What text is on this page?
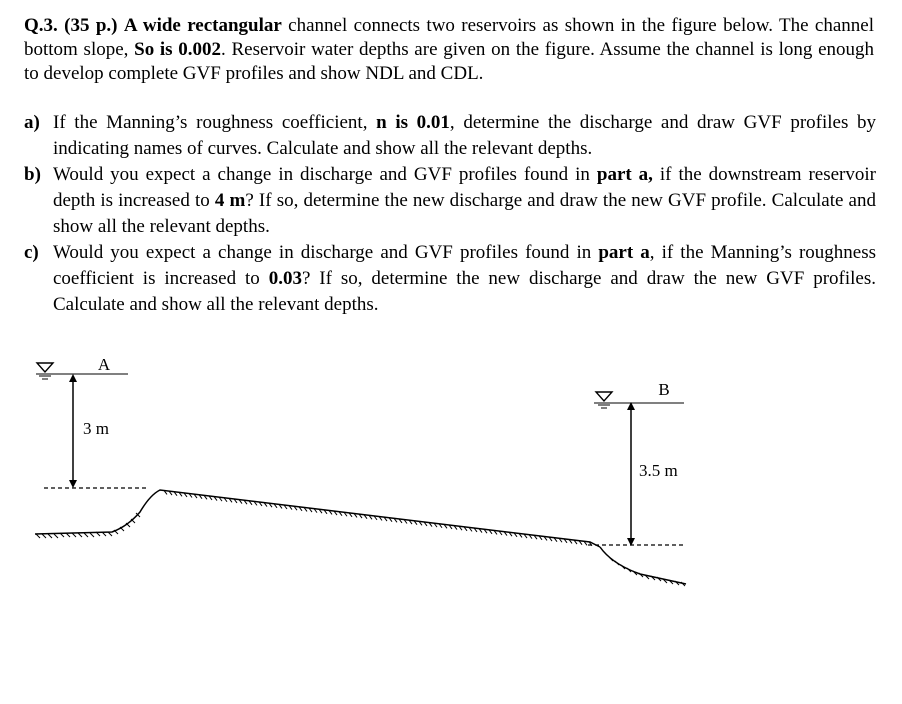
Q.3. (35 p.) A wide rectangular channel connects two reservoirs as shown in the figure below. The channel bottom slope, So is 0.002. Reservoir water depths are given on the figure. Assume the channel is long enough to develop complete GVF profiles and show NDL and CDL.
a) If the Manning’s roughness coefficient, n is 0.01, determine the discharge and draw GVF profiles by indicating names of curves. Calculate and show all the relevant depths.
b) Would you expect a change in discharge and GVF profiles found in part a, if the downstream reservoir depth is increased to 4 m? If so, determine the new discharge and draw the new GVF profile. Calculate and show all the relevant depths.
c) Would you expect a change in discharge and GVF profiles found in part a, if the Manning’s roughness coefficient is increased to 0.03? If so, determine the new discharge and draw the new GVF profiles. Calculate and show all the relevant depths.
A
3 m
B
3.5 m
